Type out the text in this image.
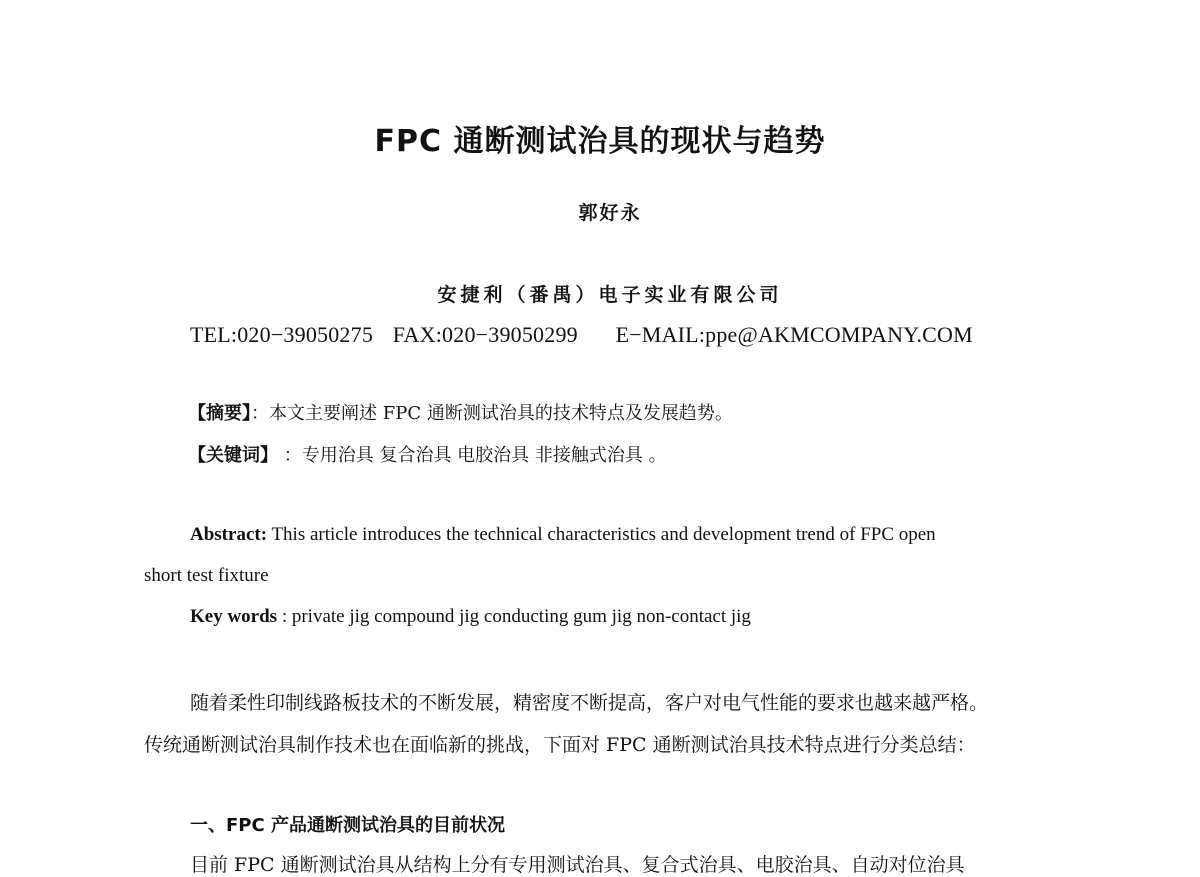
FPC 通断测试治具的现状与趋势
郭好永
安捷利（番禺）电子实业有限公司
TEL:020−39050275 FAX:020−39050299 E−MAIL:ppe@AKMCOMPANY.COM
【摘要】：本文主要阐述 FPC 通断测试治具的技术特点及发展趋势。
【关键词】 ：专用治具 复合治具 电胶治具 非接触式治具 。
Abstract: This article introduces the technical characteristics and development trend of FPC open
short test fixture
Key words : private jig compound jig conducting gum jig non-contact jig
随着柔性印制线路板技术的不断发展，精密度不断提高，客户对电气性能的要求也越来越严格。
传统通断测试治具制作技术也在面临新的挑战，下面对 FPC 通断测试治具技术特点进行分类总结：
一、FPC 产品通断测试治具的目前状况
目前 FPC 通断测试治具从结构上分有专用测试治具、复合式治具、电胶治具、自动对位治具
